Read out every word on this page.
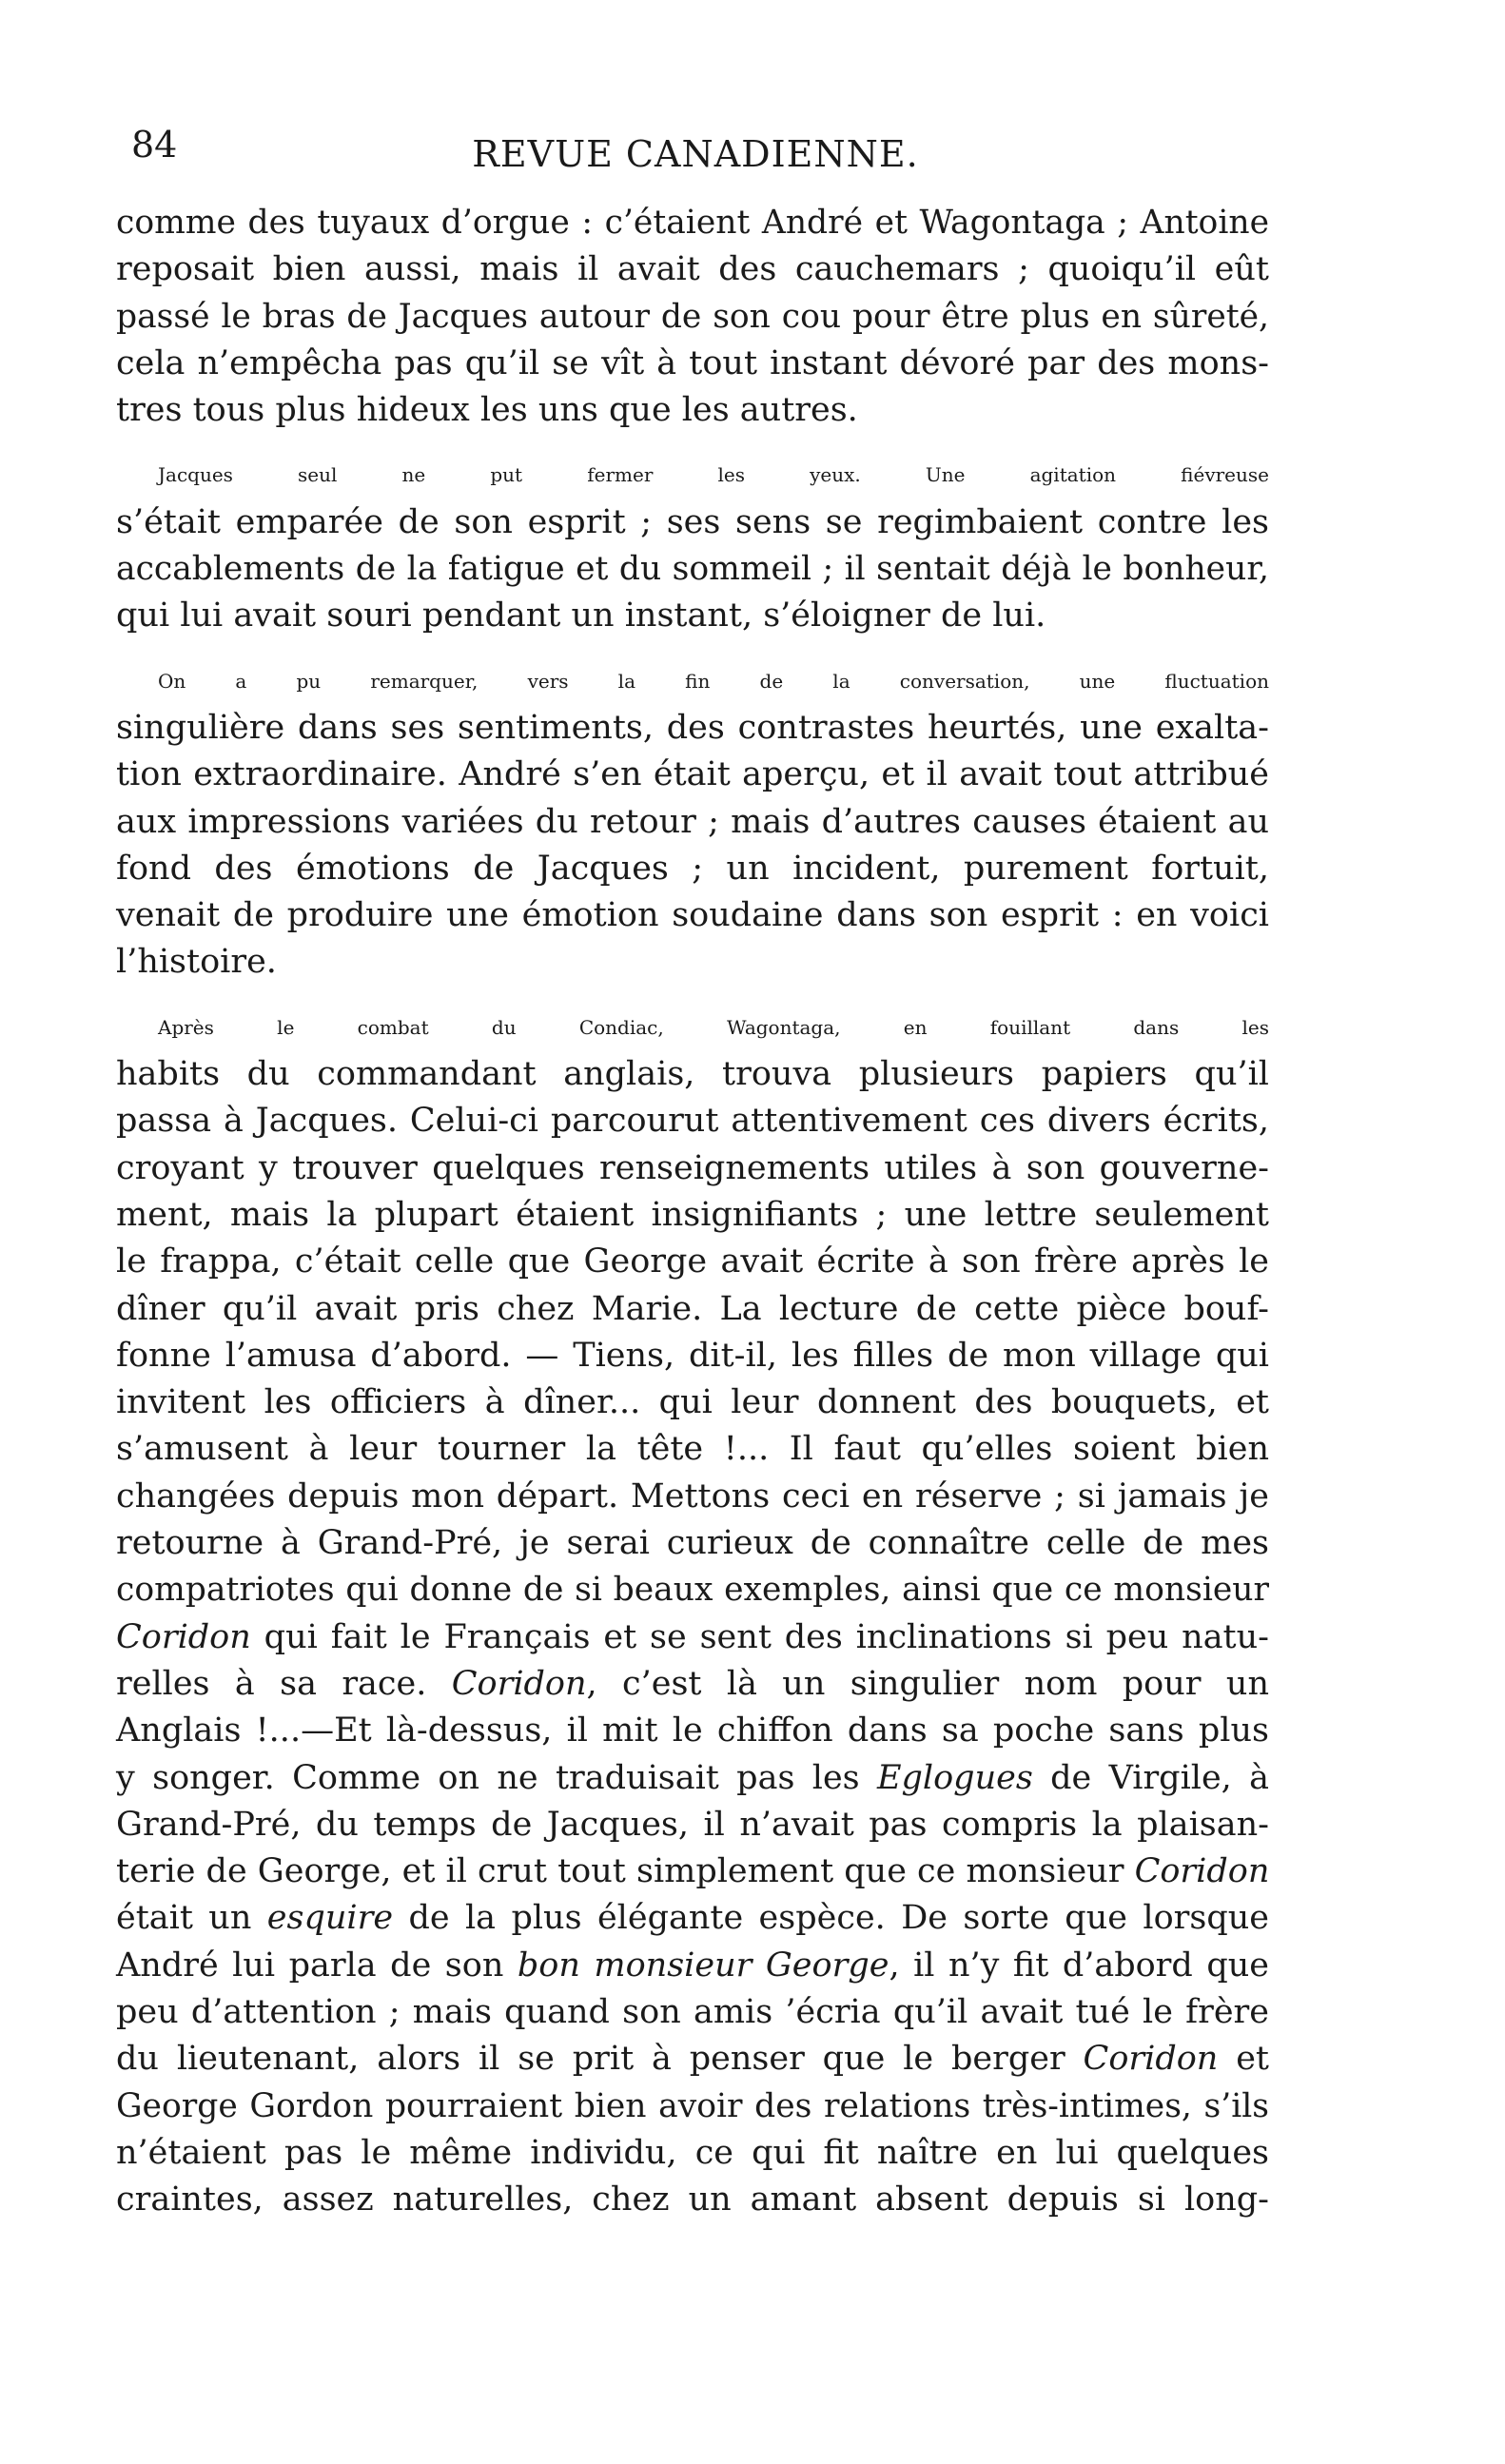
84	REVUE CANADIENNE.

comme des tuyaux d’orgue : c’étaient André et Wagontaga ; Antoine
reposait bien aussi, mais il avait des cauchemars ; quoiqu’il eût
passé le bras de Jacques autour de son cou pour être plus en sûreté,
cela n’empêcha pas qu’il se vît à tout instant dévoré par des mons-
tres tous plus hideux les uns que les autres.

Jacques seul ne put fermer les yeux. Une agitation fiévreuse
s’était emparée de son esprit ; ses sens se regimbaient contre les
accablements de la fatigue et du sommeil ; il sentait déjà le bonheur,
qui lui avait souri pendant un instant, s’éloigner de lui.

On a pu remarquer, vers la fin de la conversation, une fluctuation
singulière dans ses sentiments, des contrastes heurtés, une exalta-
tion extraordinaire. André s’en était aperçu, et il avait tout attribué
aux impressions variées du retour ; mais d’autres causes étaient au
fond des émotions de Jacques ; un incident, purement fortuit,
venait de produire une émotion soudaine dans son esprit : en voici
l’histoire.

Après le combat du Condiac, Wagontaga, en fouillant dans les
habits du commandant anglais, trouva plusieurs papiers qu’il
passa à Jacques. Celui-ci parcourut attentivement ces divers écrits,
croyant y trouver quelques renseignements utiles à son gouverne-
ment, mais la plupart étaient insignifiants ; une lettre seulement
le frappa, c’était celle que George avait écrite à son frère après le
dîner qu’il avait pris chez Marie. La lecture de cette pièce bouf-
fonne l’amusa d’abord. — Tiens, dit-il, les filles de mon village qui
invitent les officiers à dîner... qui leur donnent des bouquets, et
s’amusent à leur tourner la tête !... Il faut qu’elles soient bien
changées depuis mon départ. Mettons ceci en réserve ; si jamais je
retourne à Grand-Pré, je serai curieux de connaître celle de mes
compatriotes qui donne de si beaux exemples, ainsi que ce monsieur
Coridon qui fait le Français et se sent des inclinations si peu natu-
relles à sa race. Coridon, c’est là un singulier nom pour un
Anglais !...—Et là-dessus, il mit le chiffon dans sa poche sans plus
y songer. Comme on ne traduisait pas les Eglogues de Virgile, à
Grand-Pré, du temps de Jacques, il n’avait pas compris la plaisan-
terie de George, et il crut tout simplement que ce monsieur Coridon
était un esquire de la plus élégante espèce. De sorte que lorsque
André lui parla de son bon monsieur George, il n’y fit d’abord que
peu d’attention ; mais quand son amis ’écria qu’il avait tué le frère
du lieutenant, alors il se prit à penser que le berger Coridon et
George Gordon pourraient bien avoir des relations très-intimes, s’ils
n’étaient pas le même individu, ce qui fit naître en lui quelques
craintes, assez naturelles, chez un amant absent depuis si long-
